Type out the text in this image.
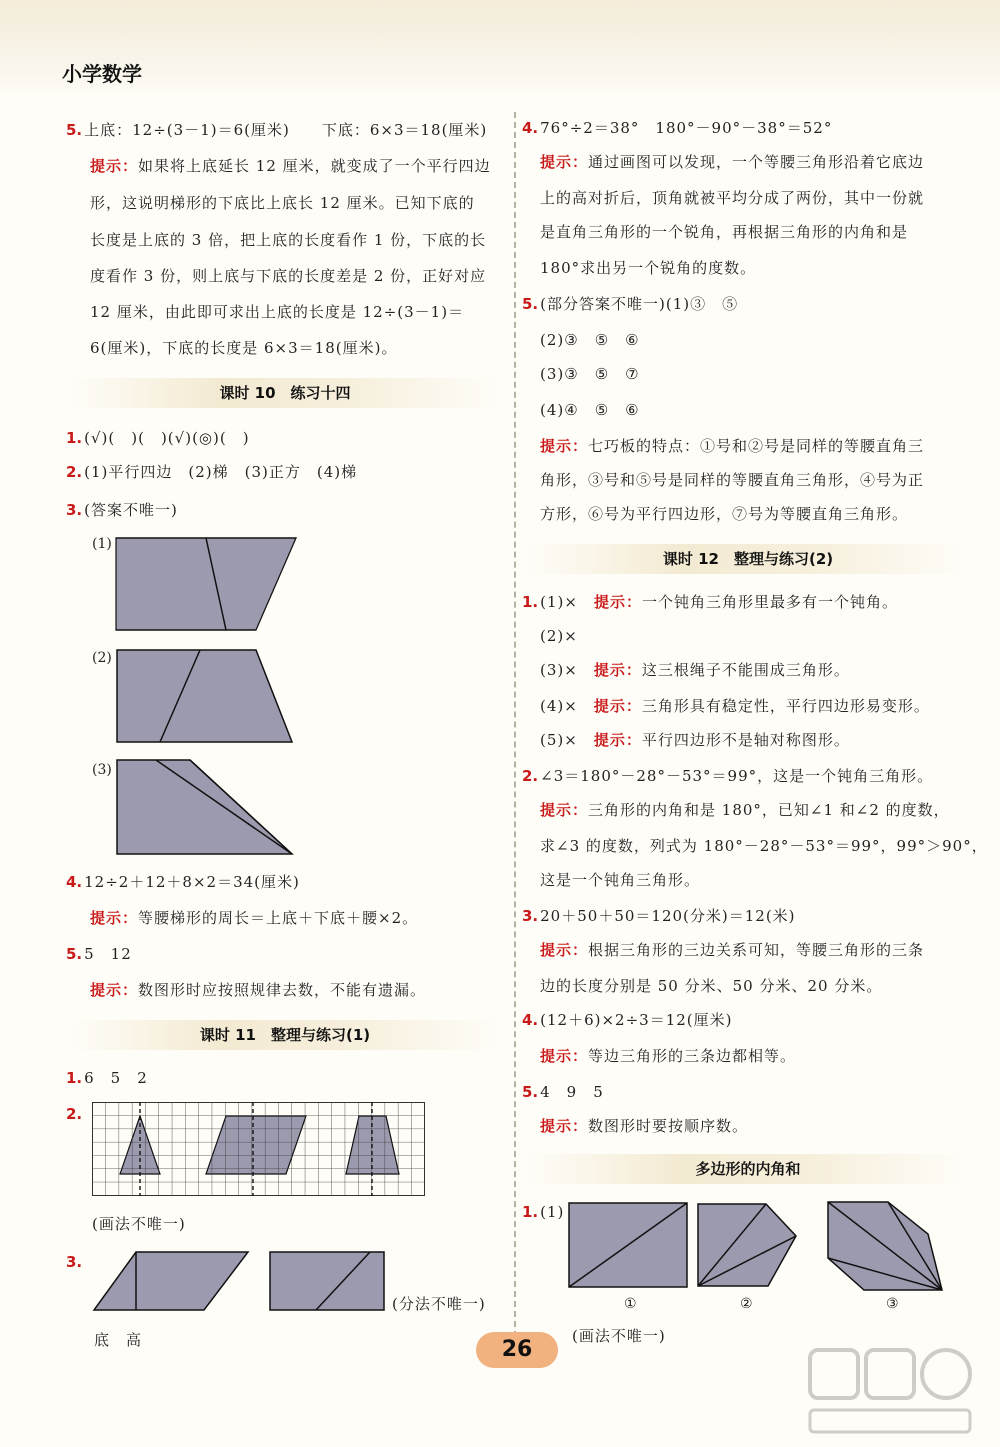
小学数学
5. 上底：12÷(3－1)＝6(厘米)　　下底：6×3＝18(厘米)
提示：如果将上底延长 12 厘米，就变成了一个平行四边
形，这说明梯形的下底比上底长 12 厘米。已知下底的
长度是上底的 3 倍，把上底的长度看作 1 份，下底的长
度看作 3 份，则上底与下底的长度差是 2 份，正好对应
12 厘米，由此即可求出上底的长度是 12÷(3－1)＝
6(厘米)，下底的长度是 6×3＝18(厘米)。
课时 10　练习十四
1. (√)(　)(　)(√)(◎)(　)
2. (1)平行四边　(2)梯　(3)正方　(4)梯
3. (答案不唯一)
(1)
(2)
(3)
4. 12÷2＋12＋8×2＝34(厘米)
提示：等腰梯形的周长＝上底＋下底＋腰×2。
5. 5　12
提示：数图形时应按照规律去数，不能有遗漏。
课时 11　整理与练习(1)
1. 6　5　2
2.
(画法不唯一)
3.
(分法不唯一)
底　高
4. 76°÷2＝38°　180°－90°－38°＝52°
提示：通过画图可以发现，一个等腰三角形沿着它底边
上的高对折后，顶角就被平均分成了两份，其中一份就
是直角三角形的一个锐角，再根据三角形的内角和是
180°求出另一个锐角的度数。
5. (部分答案不唯一)(1)③　⑤
(2)③　⑤　⑥
(3)③　⑤　⑦
(4)④　⑤　⑥
提示：七巧板的特点：①号和②号是同样的等腰直角三
角形，③号和⑤号是同样的等腰直角三角形，④号为正
方形，⑥号为平行四边形，⑦号为等腰直角三角形。
课时 12　整理与练习(2)
1. (1)×　 提示：一个钝角三角形里最多有一个钝角。
(2)×
(3)×　 提示：这三根绳子不能围成三角形。
(4)×　 提示：三角形具有稳定性，平行四边形易变形。
(5)×　 提示：平行四边形不是轴对称图形。
2. ∠3＝180°－28°－53°＝99°，这是一个钝角三角形。
提示：三角形的内角和是 180°，已知∠1 和∠2 的度数，
求∠3 的度数，列式为 180°－28°－53°＝99°，99°＞90°，
这是一个钝角三角形。
3. 20＋50＋50＝120(分米)＝12(米)
提示：根据三角形的三边关系可知，等腰三角形的三条
边的长度分别是 50 分米、50 分米、20 分米。
4. (12＋6)×2÷3＝12(厘米)
提示：等边三角形的三条边都相等。
5. 4　9　5
提示：数图形时要按顺序数。
多边形的内角和
1. (1)
①	②	③
(画法不唯一)
26
